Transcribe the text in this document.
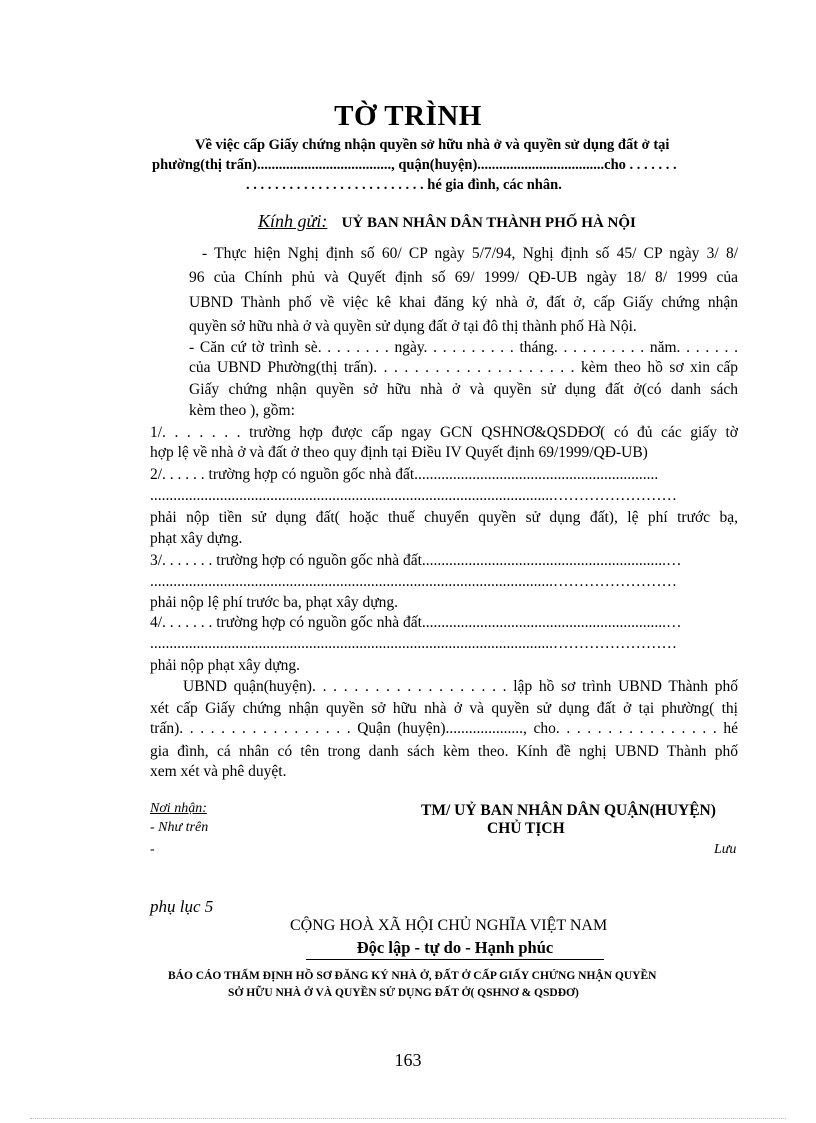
TỜ TRÌNH
Về việc cấp Giấy chứng nhận quyền sở hữu nhà ở và quyền sử dụng đất ở tại
phường(thị trấn)....................................., quận(huyện)...................................cho . . . . . . .
. . . . . . . . . . . . . . . . . . . . . . . . . hé gia đình, các nhân.
Kính gửi: UỶ BAN NHÂN DÂN THÀNH PHỐ HÀ NỘI
- Thực hiện Nghị định số 60/ CP ngày 5/7/94, Nghị định số 45/ CP ngày 3/ 8/
96 của Chính phủ và Quyết định số 69/ 1999/ QĐ-UB ngày 18/ 8/ 1999 của
UBND Thành phố về việc kê khai đăng ký nhà ở, đất ở, cấp Giấy chứng nhận
quyền sở hữu nhà ở và quyền sử dụng đất ở tại đô thị thành phố Hà Nội.
- Căn cứ tờ trình sè. . . . . . . . ngày. . . . . . . . . . tháng. . . . . . . . . . năm. . . . . . .
của UBND Phường(thị trấn). . . . . . . . . . . . . . . . . . . . kèm theo hồ sơ xin cấp
Giấy chứng nhận quyền sở hữu nhà ở và quyền sử dụng đất ở(có danh sách
kèm theo ), gồm:
1/. . . . . . . trường hợp được cấp ngay GCN QSHNƠ&QSDĐƠ( có đủ các giấy tờ
hợp lệ về nhà ở và đất ở theo quy định tại Điều IV Quyết định 69/1999/QĐ-UB)
2/. . . . . . trường hợp có nguồn gốc nhà đất...............................................................
........................................................................................................……………………
phải nộp tiền sử dụng đất( hoặc thuế chuyển quyền sử dụng đất), lệ phí trước bạ,
phạt xây dựng.
3/. . . . . . . trường hợp có nguồn gốc nhà đất...............................................................…
........................................................................................................……………………
phải nộp lệ phí trước ba, phạt xây dựng.
4/. . . . . . . trường hợp có nguồn gốc nhà đất...............................................................…
........................................................................................................……………………
phải nộp phạt xây dựng.
UBND quận(huyện). . . . . . . . . . . . . . . . . . . lập hồ sơ trình UBND Thành phố
xét cấp Giấy chứng nhận quyền sở hữu nhà ở và quyền sử dụng đất ở tại phường( thị
trấn). . . . . . . . . . . . . . . . . Quận (huyện)...................., cho. . . . . . . . . . . . . . . . hé
gia đình, cá nhân có tên trong danh sách kèm theo. Kính đề nghị UBND Thành phố
xem xét và phê duyệt.
Nơi nhận:
- Như trên
-
TM/ UỶ BAN NHÂN DÂN QUẬN(HUYỆN)
CHỦ TỊCH
Lưu
phụ lục 5
CỘNG HOÀ XÃ HỘI CHỦ NGHĨA VIỆT NAM
Độc lập - tự do - Hạnh phúc
BÁO CÁO THẨM ĐỊNH HỒ SƠ ĐĂNG KÝ NHÀ Ở, ĐẤT Ở CẤP GIẤY CHỨNG NHẬN QUYỀN
SỞ HỮU NHÀ Ở VÀ QUYỀN SỬ DỤNG ĐẤT Ở( QSHNƠ & QSDĐƠ)
163
